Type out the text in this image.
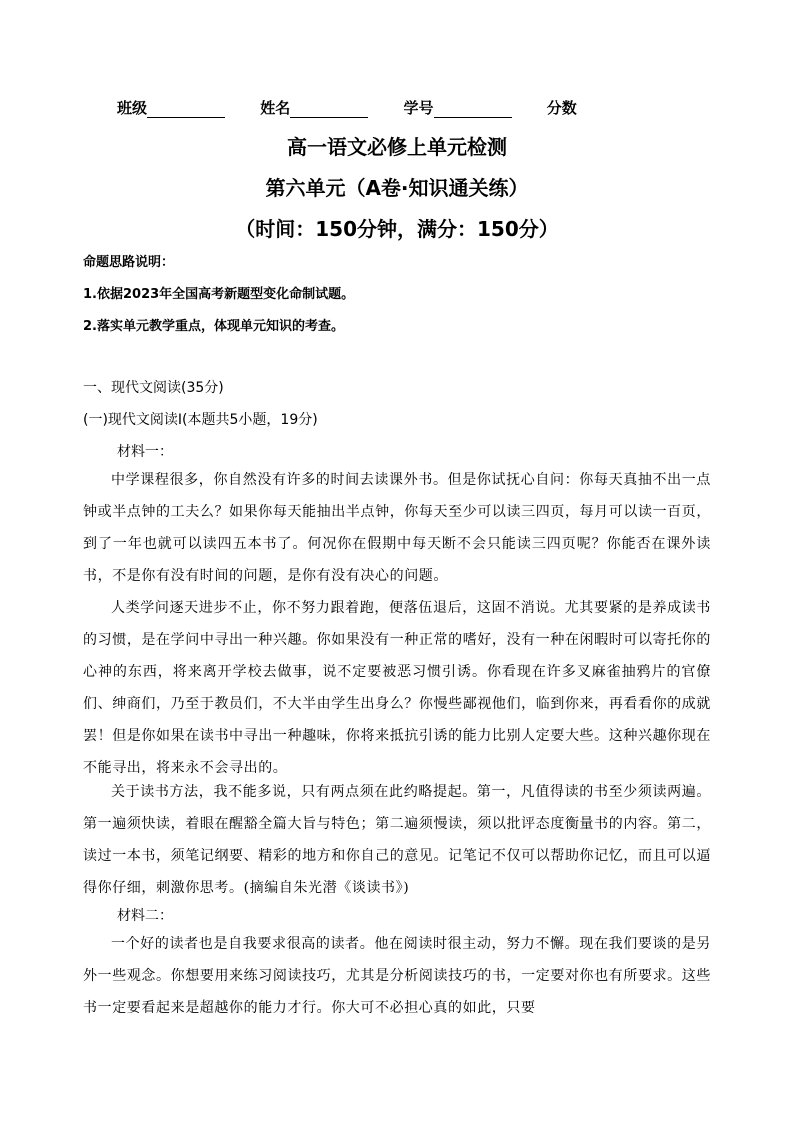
班级	姓名	学号	分数
高一语文必修上单元检测
第六单元（A卷·知识通关练）
（时间：150分钟，满分：150分）
命题思路说明：
1.依据2023年全国高考新题型变化命制试题。
2.落实单元教学重点，体现单元知识的考查。
一、现代文阅读(35分)
(一)现代文阅读Ⅰ(本题共5小题，19分)
材料一：
中学课程很多，你自然没有许多的时间去读课外书。但是你试抚心自问：你每天真抽不出一点钟或半点钟的工夫么？如果你每天能抽出半点钟，你每天至少可以读三四页，每月可以读一百页，到了一年也就可以读四五本书了。何况你在假期中每天断不会只能读三四页呢？你能否在课外读书，不是你有没有时间的问题，是你有没有决心的问题。
人类学问逐天进步不止，你不努力跟着跑，便落伍退后，这固不消说。尤其要紧的是养成读书的习惯，是在学问中寻出一种兴趣。你如果没有一种正常的嗜好，没有一种在闲暇时可以寄托你的心神的东西，将来离开学校去做事，说不定要被恶习惯引诱。你看现在许多叉麻雀抽鸦片的官僚们、绅商们，乃至于教员们，不大半由学生出身么？你慢些鄙视他们，临到你来，再看看你的成就罢！但是你如果在读书中寻出一种趣味，你将来抵抗引诱的能力比别人定要大些。这种兴趣你现在不能寻出，将来永不会寻出的。
关于读书方法，我不能多说，只有两点须在此约略提起。第一，凡值得读的书至少须读两遍。第一遍须快读，着眼在醒豁全篇大旨与特色；第二遍须慢读，须以批评态度衡量书的内容。第二，读过一本书，须笔记纲要、精彩的地方和你自己的意见。记笔记不仅可以帮助你记忆，而且可以逼得你仔细，刺激你思考。(摘编自朱光潜《谈读书》)
材料二：
一个好的读者也是自我要求很高的读者。他在阅读时很主动，努力不懈。现在我们要谈的是另外一些观念。你想要用来练习阅读技巧，尤其是分析阅读技巧的书，一定要对你也有所要求。这些书一定要看起来是超越你的能力才行。你大可不必担心真的如此，只要
